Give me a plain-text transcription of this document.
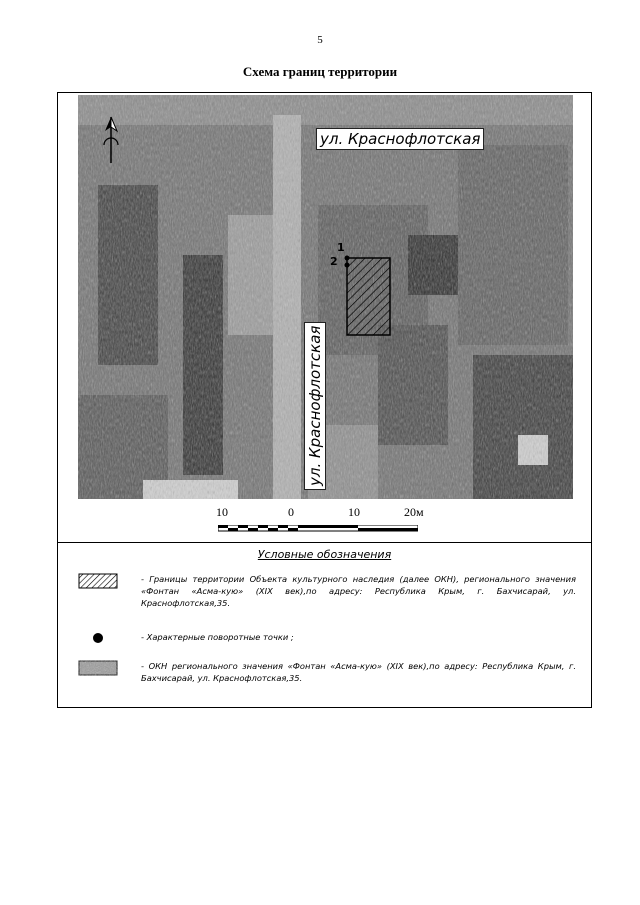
5
Схема границ территории
ул. Краснофлотская
ул. Краснофлотская
1
2
10	0	10	20м
Условные обозначения
- Границы территории Объекта культурного наследия (далее ОКН), регионального значения «Фонтан «Асма-кую» (XIX век),по адресу: Республика Крым, г. Бахчисарай, ул. Краснофлотская,35.
- Характерные поворотные точки ;
- ОКН регионального значения «Фонтан «Асма-кую» (XIX век),по адресу: Республика Крым, г. Бахчисарай, ул. Краснофлотская,35.
